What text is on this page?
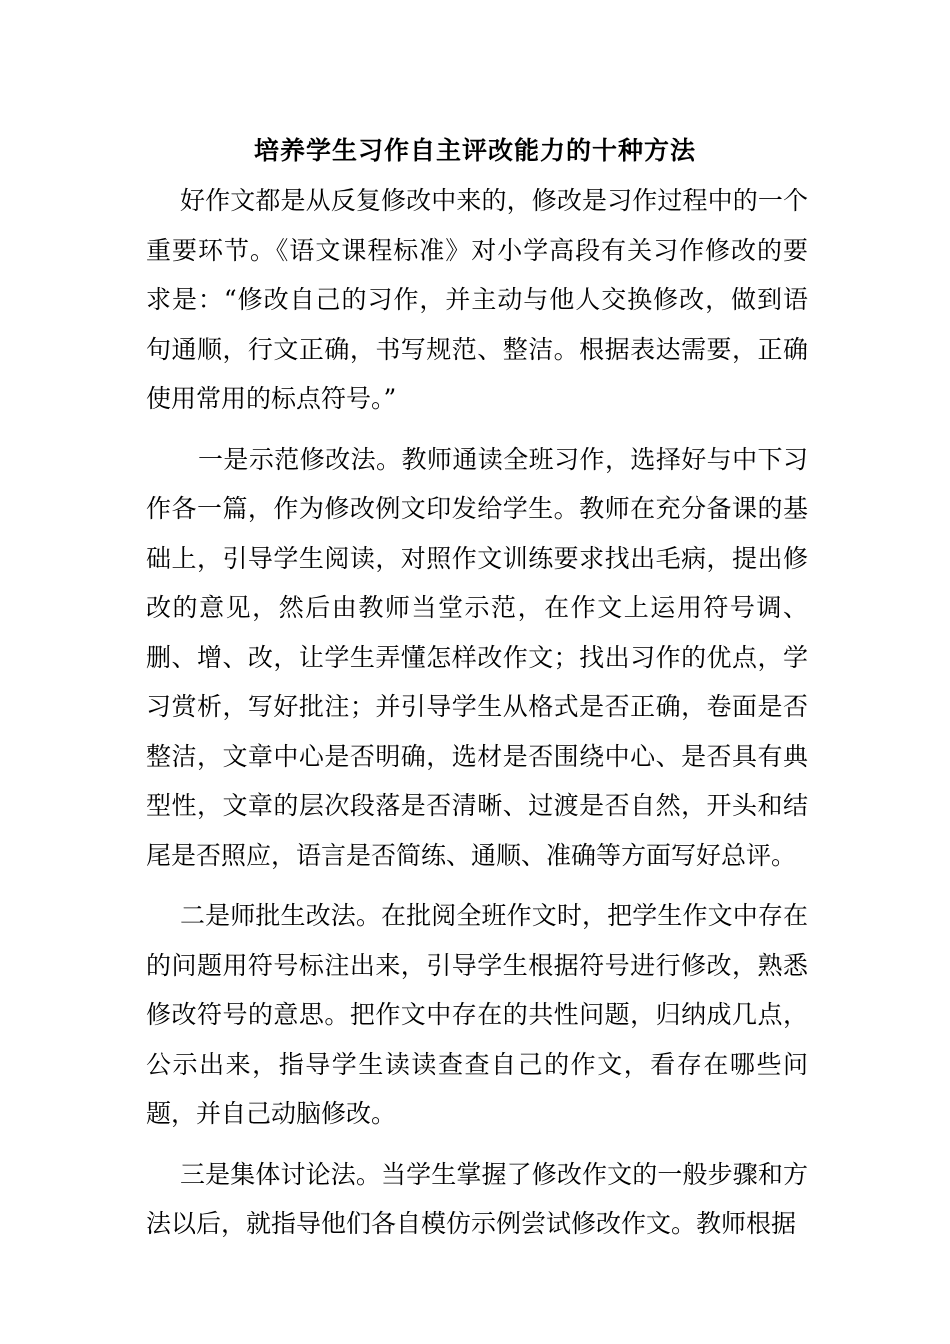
培养学生习作自主评改能力的十种方法

好作文都是从反复修改中来的，修改是习作过程中的一个重要环节。《语文课程标准》对小学高段有关习作修改的要求是：“修改自己的习作，并主动与他人交换修改，做到语句通顺，行文正确，书写规范、整洁。根据表达需要，正确使用常用的标点符号。”

一是示范修改法。教师通读全班习作，选择好与中下习作各一篇，作为修改例文印发给学生。教师在充分备课的基础上，引导学生阅读，对照作文训练要求找出毛病，提出修改的意见，然后由教师当堂示范，在作文上运用符号调、删、增、改，让学生弄懂怎样改作文；找出习作的优点，学习赏析，写好批注；并引导学生从格式是否正确，卷面是否整洁，文章中心是否明确，选材是否围绕中心、是否具有典型性，文章的层次段落是否清晰、过渡是否自然，开头和结尾是否照应，语言是否简练、通顺、准确等方面写好总评。

二是师批生改法。在批阅全班作文时，把学生作文中存在的问题用符号标注出来，引导学生根据符号进行修改，熟悉修改符号的意思。把作文中存在的共性问题，归纳成几点，公示出来，指导学生读读查查自己的作文，看存在哪些问题，并自己动脑修改。

三是集体讨论法。当学生掌握了修改作文的一般步骤和方法以后，就指导他们各自模仿示例尝试修改作文。教师根据
